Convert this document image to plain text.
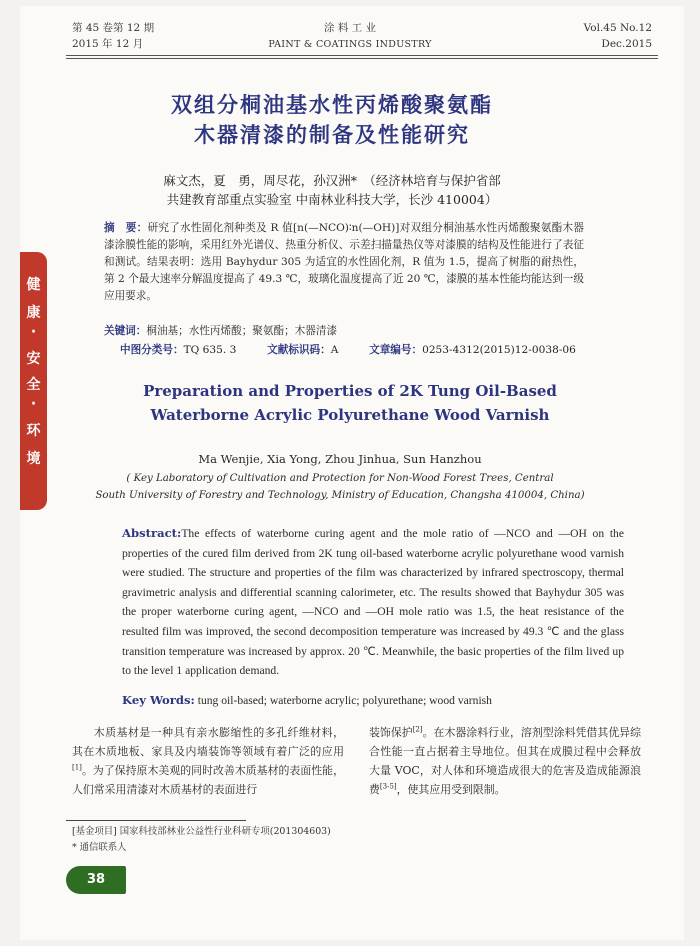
第 45 卷第 12 期
2015 年 12 月
涂 料 工 业
PAINT & COATINGS INDUSTRY
Vol.45 No.12
Dec.2015
双组分桐油基水性丙烯酸聚氨酯
木器清漆的制备及性能研究
麻文杰，夏　勇，周尽花，孙汉洲*　（经济林培育与保护省部
共建教育部重点实验室 中南林业科技大学，长沙 410004）
摘　要：研究了水性固化剂种类及 R 值[n(—NCO)∶n(—OH)]对双组分桐油基水性丙烯酸聚氨酯木器漆涂膜性能的影响，采用红外光谱仪、热重分析仪、示差扫描量热仪等对漆膜的结构及性能进行了表征和测试。结果表明：选用 Bayhydur 305 为适宜的水性固化剂，R 值为 1.5，提高了树脂的耐热性，第 2 个最大速率分解温度提高了 49.3 ℃，玻璃化温度提高了近 20 ℃，漆膜的基本性能均能达到一级应用要求。
关键词：桐油基；水性丙烯酸；聚氨酯；木器清漆
中图分类号：TQ 635. 3	文献标识码：A	文章编号：0253-4312(2015)12-0038-06
健
康
·
安
全
·
环
境
Preparation and Properties of 2K Tung Oil-Based
Waterborne Acrylic Polyurethane Wood Varnish
Ma Wenjie, Xia Yong, Zhou Jinhua, Sun Hanzhou
( Key Laboratory of Cultivation and Protection for Non-Wood Forest Trees, Central
South University of Forestry and Technology, Ministry of Education, Changsha 410004, China)
Abstract:The effects of waterborne curing agent and the mole ratio of —NCO and —OH on the properties of the cured film derived from 2K tung oil-based waterborne acrylic polyurethane wood varnish were studied. The structure and properties of the film was characterized by infrared spectroscopy, thermal gravimetric analysis and differential scanning calorimeter, etc. The results showed that Bayhydur 305 was the proper waterborne curing agent, —NCO and —OH mole ratio was 1.5, the heat resistance of the resulted film was improved, the second decomposition temperature was increased by 49.3 ℃ and the glass transition temperature was increased by approx. 20 ℃. Meanwhile, the basic properties of the film lived up to the level 1 application demand.
Key Words: tung oil-based; waterborne acrylic; polyurethane; wood varnish
木质基材是一种具有亲水膨缩性的多孔纤维材料，其在木质地板、家具及内墙装饰等领域有着广泛的应用[1]。为了保持原木美观的同时改善木质基材的表面性能，人们常采用清漆对木质基材的表面进行
装饰保护[2]。在木器涂料行业，溶剂型涂料凭借其优异综合性能一直占据着主导地位。但其在成膜过程中会释放大量 VOC，对人体和环境造成很大的危害及造成能源浪费[3-5]，使其应用受到限制。
[基金项目] 国家科技部林业公益性行业科研专项(201304603)
* 通信联系人
38
